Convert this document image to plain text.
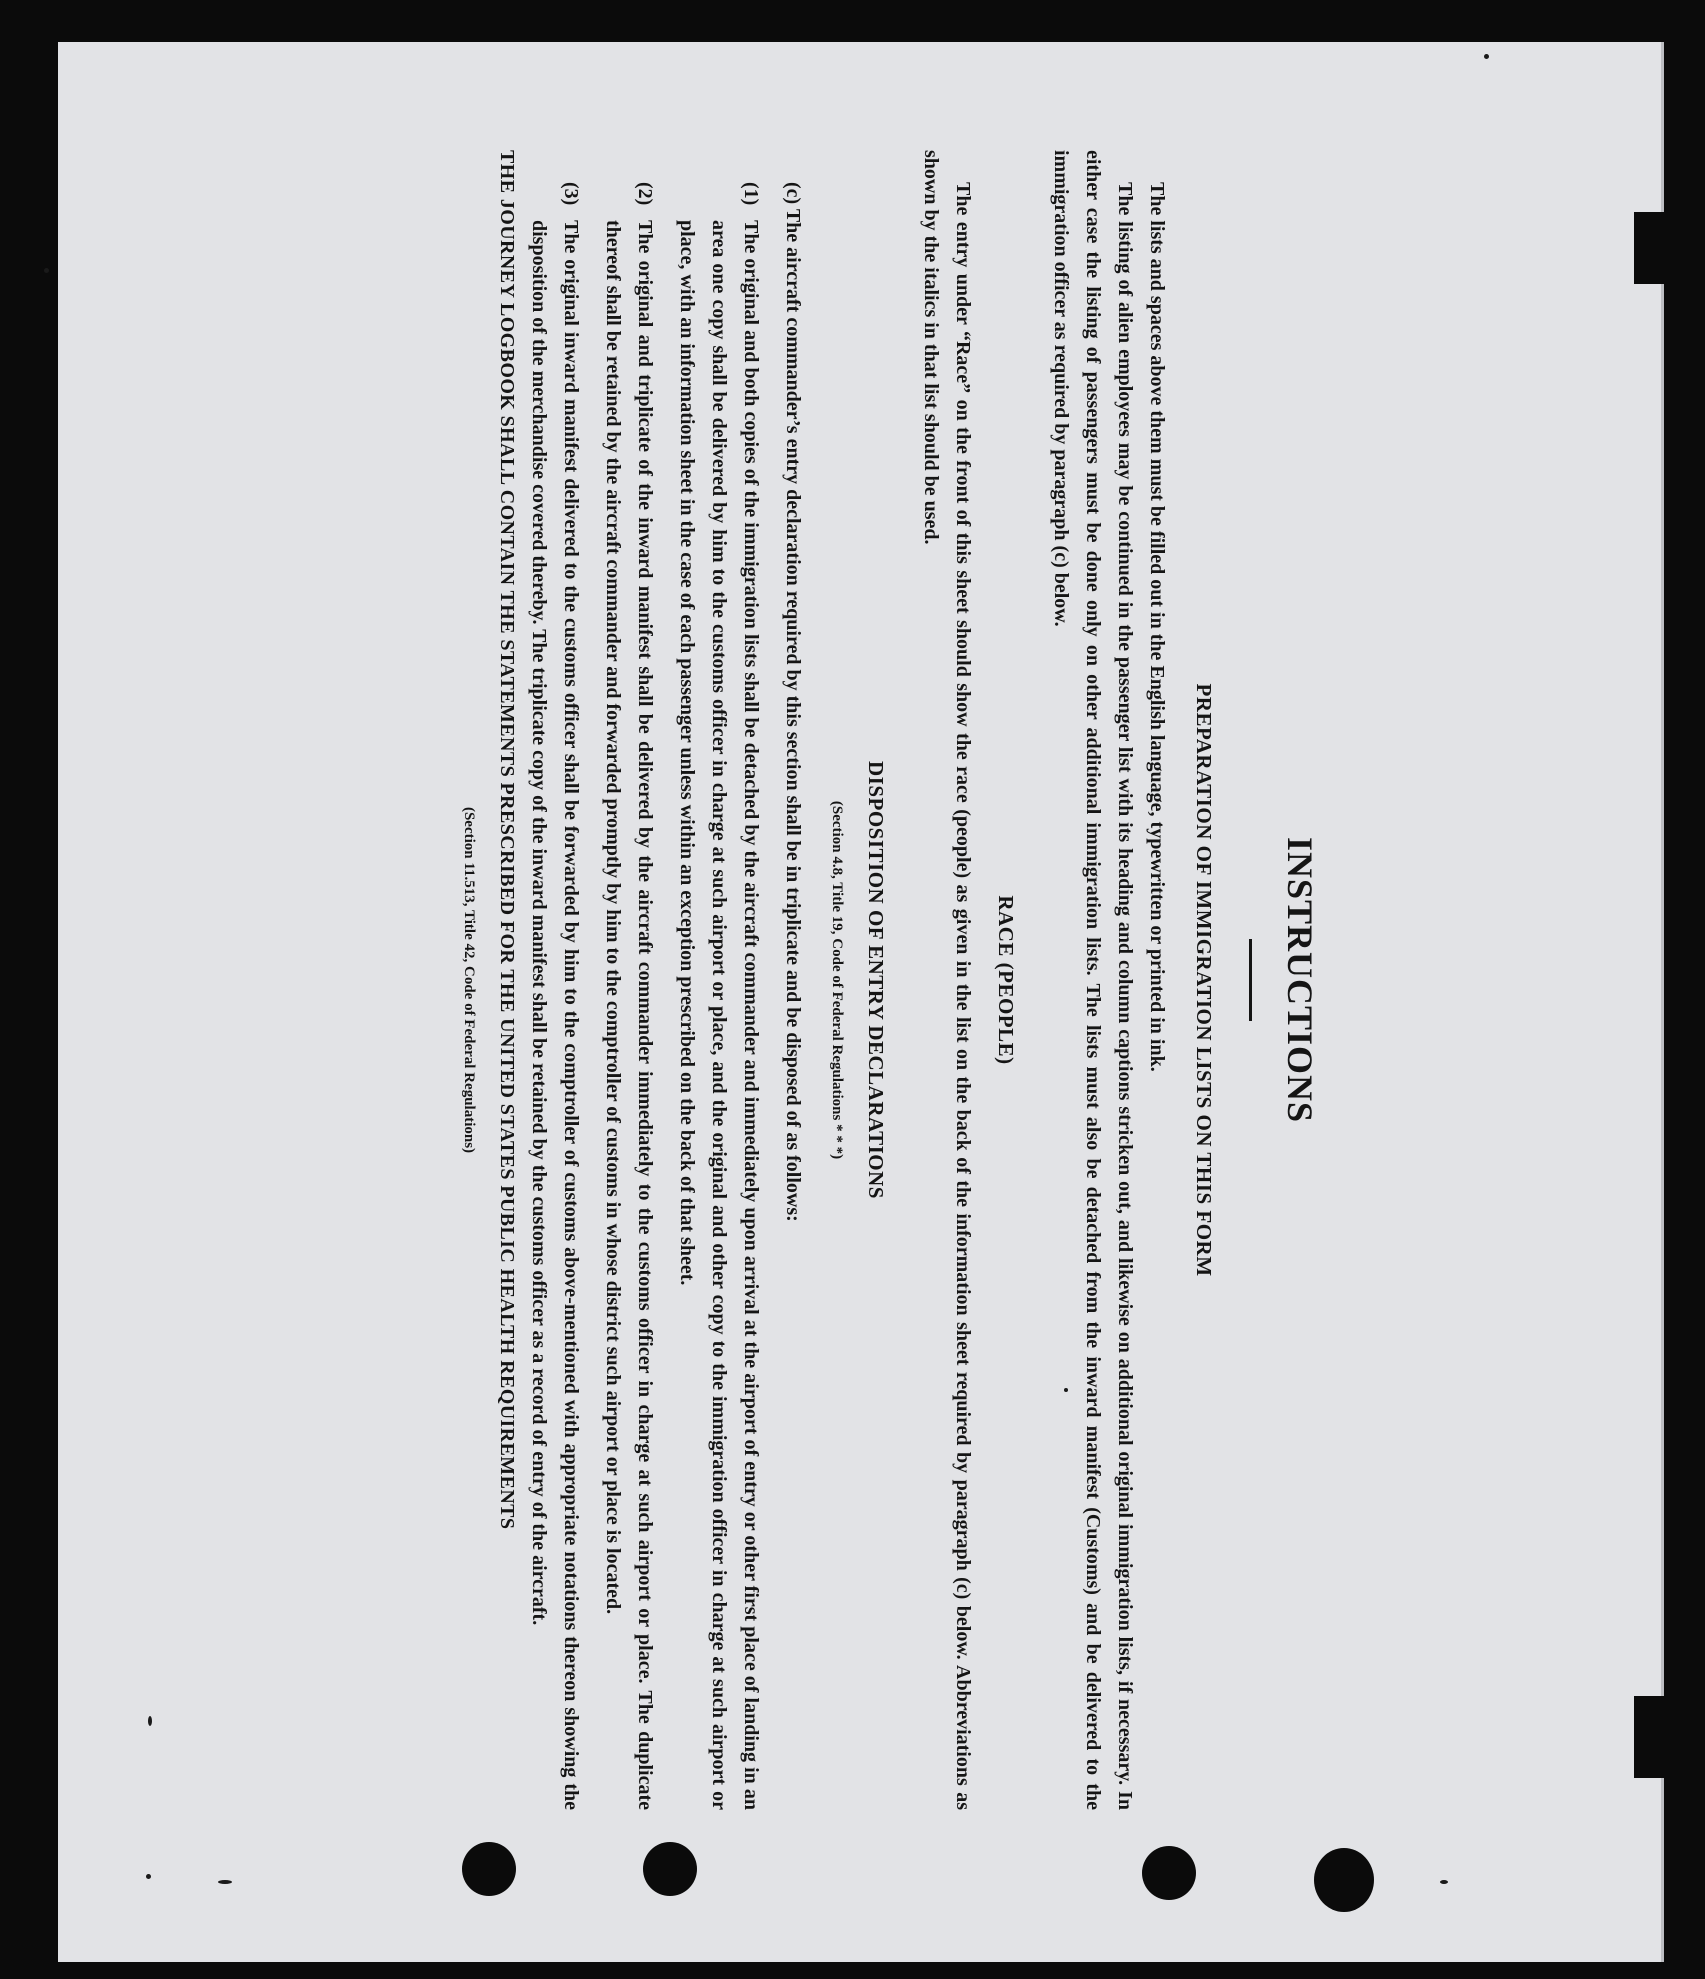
INSTRUCTIONS
PREPARATION OF IMMIGRATION LISTS ON THIS FORM

The lists and spaces above them must be filled out in the English language, typewritten or printed in ink.

The listing of alien employees may be continued in the passenger list with its heading and column captions stricken out, and likewise on additional original immigration lists, if necessary. In either case the listing of passengers must be done only on other additional immigration lists. The lists must also be detached from the inward manifest (Customs) and be delivered to the immigration officer as required by paragraph (c) below.

RACE (PEOPLE)

The entry under “Race” on the front of this sheet should show the race (people) as given in the list on the back of the information sheet required by paragraph (c) below. Abbreviations as shown by the italics in that list should be used.

DISPOSITION OF ENTRY DECLARATIONS
(Section 4.8, Title 19, Code of Federal Regulations * * *)

(c) The aircraft commander’s entry declaration required by this section shall be in triplicate and be disposed of as follows:

(1)
The original and both copies of the immigration lists shall be detached by the aircraft commander and immediately upon arrival at the airport of entry or other first place of landing in an area one copy shall be delivered by him to the customs officer in charge at such airport or place, and the original and other copy to the immigration officer in charge at such airport or place, with an information sheet in the case of each passenger unless within an exception prescribed on the back of that sheet.
(2)
The original and triplicate of the inward manifest shall be delivered by the aircraft commander immediately to the customs officer in charge at such airport or place. The duplicate thereof shall be retained by the aircraft commander and forwarded promptly by him to the comptroller of customs in whose district such airport or place is located.
(3)
The original inward manifest delivered to the customs officer shall be forwarded by him to the comptroller of customs above-mentioned with appropriate notations thereon showing the disposition of the merchandise covered thereby. The triplicate copy of the inward manifest shall be retained by the customs officer as a record of entry of the aircraft.

THE JOURNEY LOGBOOK SHALL CONTAIN THE STATEMENTS PRESCRIBED FOR THE UNITED STATES PUBLIC HEALTH REQUIREMENTS

(Section 11.513, Title 42, Code of Federal Regulations)
